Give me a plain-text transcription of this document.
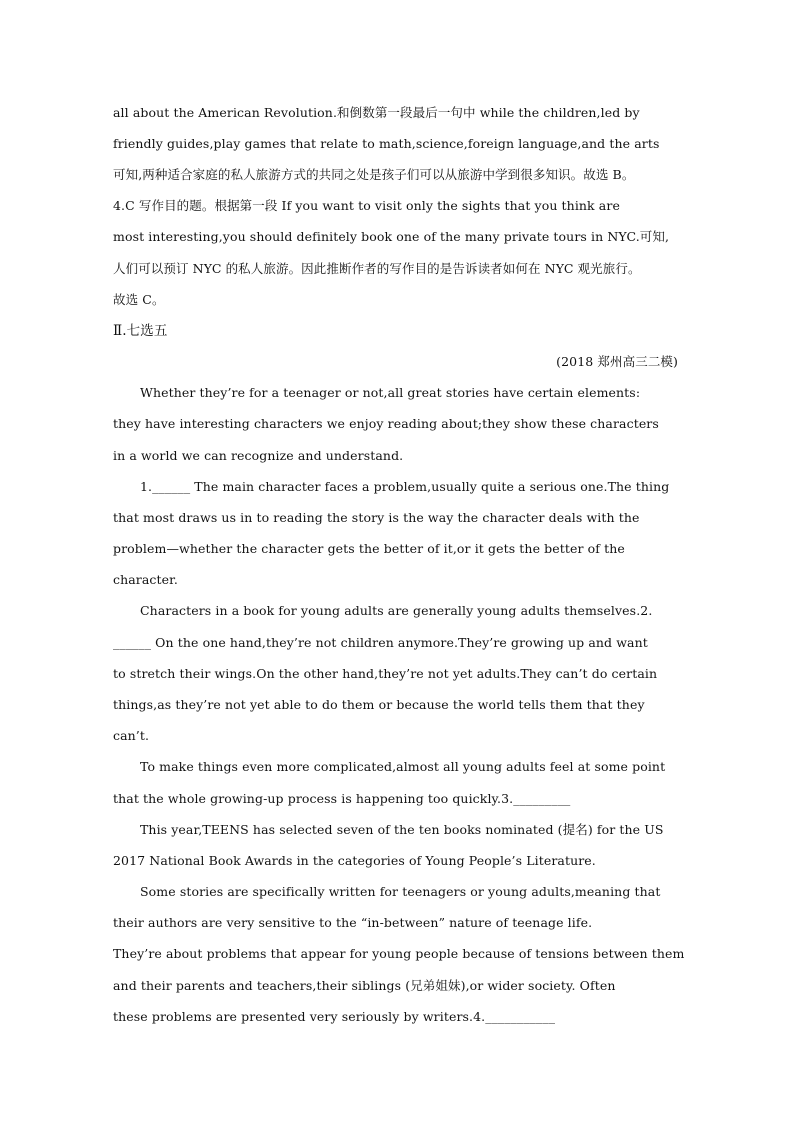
all about the American Revolution.和倒数第一段最后一句中 while the children,led by
friendly guides,play games that relate to math,science,foreign language,and the arts
可知,两种适合家庭的私人旅游方式的共同之处是孩子们可以从旅游中学到很多知识。故选 B。
4.C 写作目的题。根据第一段 If you want to visit only the sights that you think are
most interesting,you should definitely book one of the many private tours in NYC.可知,
人们可以预订 NYC 的私人旅游。因此推断作者的写作目的是告诉读者如何在 NYC 观光旅行。
故选 C。
Ⅱ.七选五
(2018 郑州高三二模)
Whether they’re for a teenager or not,all great stories have certain elements:
they have interesting characters we enjoy reading about;they show these characters
in a world we can recognize and understand.
1.______ The main character faces a problem,usually quite a serious one.The thing
that most draws us in to reading the story is the way the character deals with the
problem—whether the character gets the better of it,or it gets the better of the
character.
Characters in a book for young adults are generally young adults themselves.2.
______ On the one hand,they’re not children anymore.They’re growing up and want
to stretch their wings.On the other hand,they’re not yet adults.They can’t do certain
things,as they’re not yet able to do them or because the world tells them that they
can’t.
To make things even more complicated,almost all young adults feel at some point
that the whole growing-up process is happening too quickly.3._________
This year,TEENS has selected seven of the ten books nominated (提名) for the US
2017 National Book Awards in the categories of Young People’s Literature.
Some stories are specifically written for teenagers or young adults,meaning that
their authors are very sensitive to the “in-between” nature of teenage life.
They’re about problems that appear for young people because of tensions between them
and their parents and teachers,their siblings (兄弟姐妹),or wider society. Often
these problems are presented very seriously by writers.4.___________
